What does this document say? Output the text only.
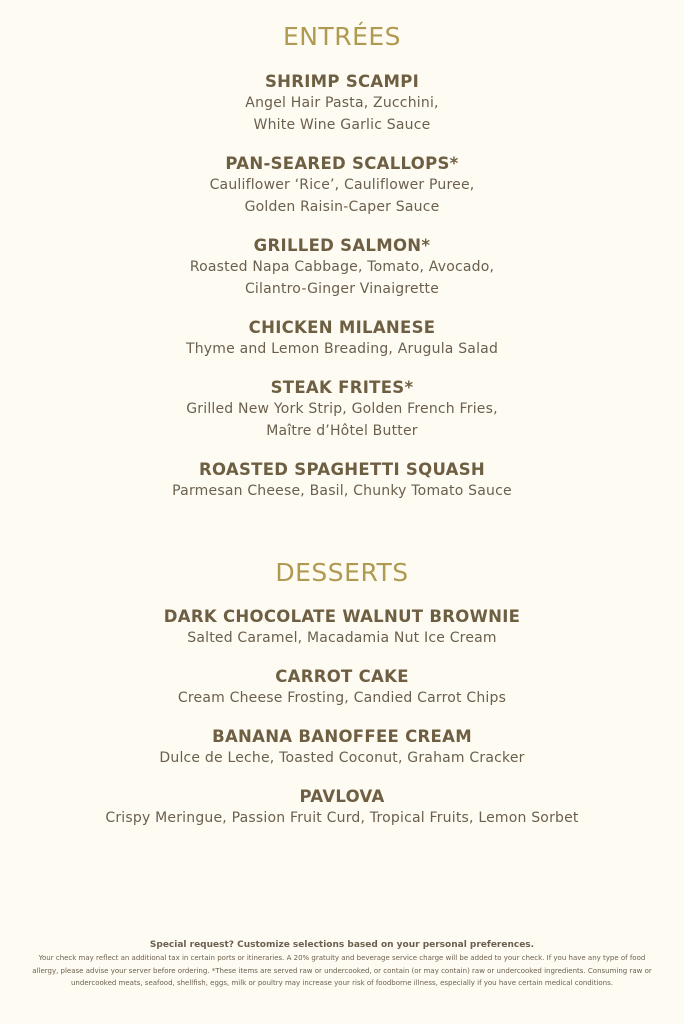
ENTRÉES
SHRIMP SCAMPI
Angel Hair Pasta, Zucchini,
White Wine Garlic Sauce
PAN-SEARED SCALLOPS*
Cauliflower ‘Rice’, Cauliflower Puree,
Golden Raisin-Caper Sauce
GRILLED SALMON*
Roasted Napa Cabbage, Tomato, Avocado,
Cilantro-Ginger Vinaigrette
CHICKEN MILANESE
Thyme and Lemon Breading, Arugula Salad
STEAK FRITES*
Grilled New York Strip, Golden French Fries,
Maître d’Hôtel Butter
ROASTED SPAGHETTI SQUASH
Parmesan Cheese, Basil, Chunky Tomato Sauce
DESSERTS
DARK CHOCOLATE WALNUT BROWNIE
Salted Caramel, Macadamia Nut Ice Cream
CARROT CAKE
Cream Cheese Frosting, Candied Carrot Chips
BANANA BANOFFEE CREAM
Dulce de Leche, Toasted Coconut, Graham Cracker
PAVLOVA
Crispy Meringue, Passion Fruit Curd, Tropical Fruits, Lemon Sorbet
Special request? Customize selections based on your personal preferences.
Your check may reflect an additional tax in certain ports or itineraries. A 20% gratuity and beverage service charge will be added to your check. If you have any type of food allergy, please advise your server before ordering. *These items are served raw or undercooked, or contain (or may contain) raw or undercooked ingredients. Consuming raw or undercooked meats, seafood, shellfish, eggs, milk or poultry may increase your risk of foodborne illness, especially if you have certain medical conditions.
